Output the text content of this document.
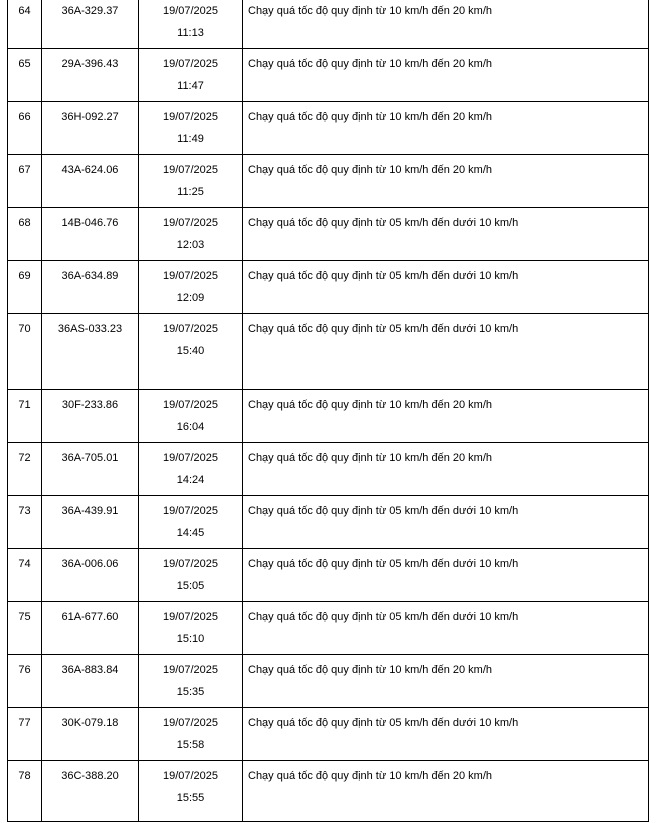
64	36A-329.37	19/07/2025
11:13	Chạy quá tốc độ quy định từ 10 km/h đến 20 km/h

65	29A-396.43	19/07/2025
11:47	Chạy quá tốc độ quy định từ 10 km/h đến 20 km/h

66	36H-092.27	19/07/2025
11:49	Chạy quá tốc độ quy định từ 10 km/h đến 20 km/h

67	43A-624.06	19/07/2025
11:25	Chạy quá tốc độ quy định từ 10 km/h đến 20 km/h

68	14B-046.76	19/07/2025
12:03	Chạy quá tốc độ quy định từ 05 km/h đến dưới 10 km/h

69	36A-634.89	19/07/2025
12:09	Chạy quá tốc độ quy định từ 05 km/h đến dưới 10 km/h

70	36AS-033.23	19/07/2025
15:40	Chạy quá tốc độ quy định từ 05 km/h đến dưới 10 km/h

71	30F-233.86	19/07/2025
16:04	Chạy quá tốc độ quy định từ 10 km/h đến 20 km/h

72	36A-705.01	19/07/2025
14:24	Chạy quá tốc độ quy định từ 10 km/h đến 20 km/h

73	36A-439.91	19/07/2025
14:45	Chạy quá tốc độ quy định từ 05 km/h đến dưới 10 km/h

74	36A-006.06	19/07/2025
15:05	Chạy quá tốc độ quy định từ 05 km/h đến dưới 10 km/h

75	61A-677.60	19/07/2025
15:10	Chạy quá tốc độ quy định từ 05 km/h đến dưới 10 km/h

76	36A-883.84	19/07/2025
15:35	Chạy quá tốc độ quy định từ 10 km/h đến 20 km/h

77	30K-079.18	19/07/2025
15:58	Chạy quá tốc độ quy định từ 05 km/h đến dưới 10 km/h

78	36C-388.20	19/07/2025
15:55	Chạy quá tốc độ quy định từ 10 km/h đến 20 km/h
